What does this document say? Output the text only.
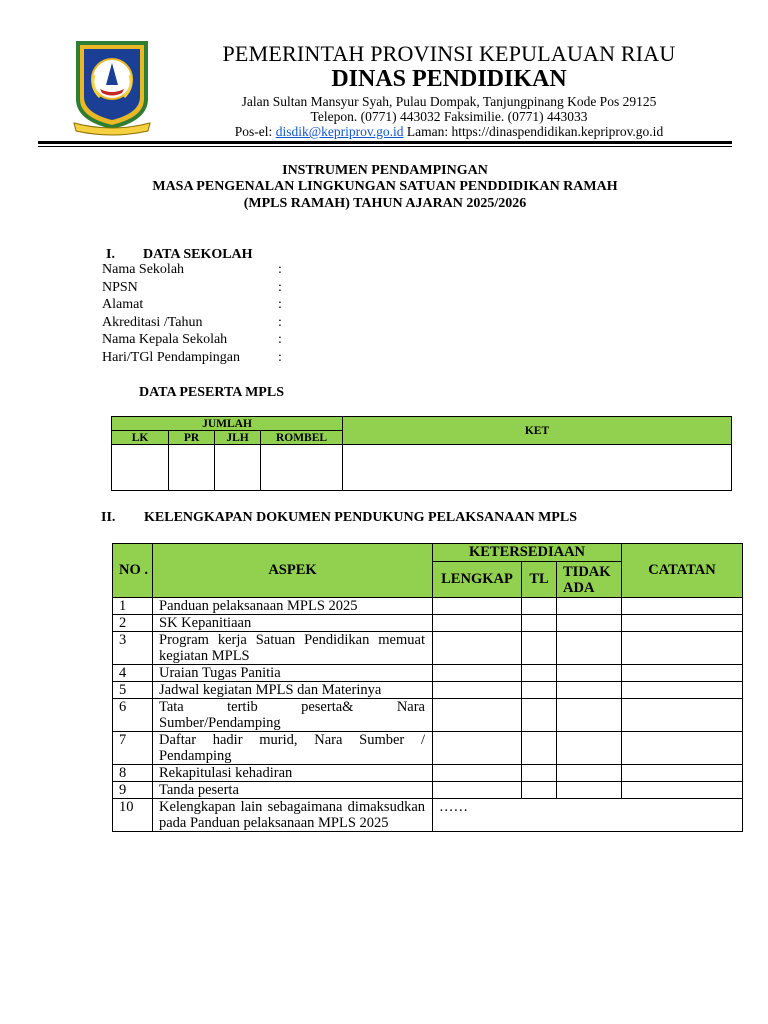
PEMERINTAH PROVINSI KEPULAUAN RIAU
DINAS PENDIDIKAN
Jalan Sultan Mansyur Syah, Pulau Dompak, Tanjungpinang Kode Pos 29125
Telepon. (0771) 443032 Faksimilie. (0771) 443033
Pos-el: disdik@kepriprov.go.id Laman: https://dinaspendidikan.kepriprov.go.id
INSTRUMEN PENDAMPINGAN
MASA PENGENALAN LINGKUNGAN SATUAN PENDDIDIKAN RAMAH
(MPLS RAMAH) TAHUN AJARAN 2025/2026
I. DATA SEKOLAH
Nama Sekolah	:
NPSN	:
Alamat	:
Akreditasi /Tahun	:
Nama Kepala Sekolah	:
Hari/TGl Pendampingan	:
DATA PESERTA MPLS
JUMLAH				KET
LK	PR	JLH	ROMBEL	

II. KELENGKAPAN DOKUMEN PENDUKUNG PELAKSANAAN MPLS
NO .	ASPEK	KETERSEDIAAN			CATATAN
		LENGKAP	TL	TIDAK ADA	
1	Panduan pelaksanaan MPLS 2025				
2	SK Kepanitiaan				
3	Program kerja Satuan Pendidikan memuat kegiatan MPLS				
4	Uraian Tugas Panitia				
5	Jadwal kegiatan MPLS dan Materinya				
6	Tata tertib peserta& Nara Sumber/Pendamping				
7	Daftar hadir murid, Nara Sumber / Pendamping				
8	Rekapitulasi kehadiran				
9	Tanda peserta				
10	Kelengkapan lain sebagaimana dimaksudkan pada Panduan pelaksanaan MPLS 2025	……			
